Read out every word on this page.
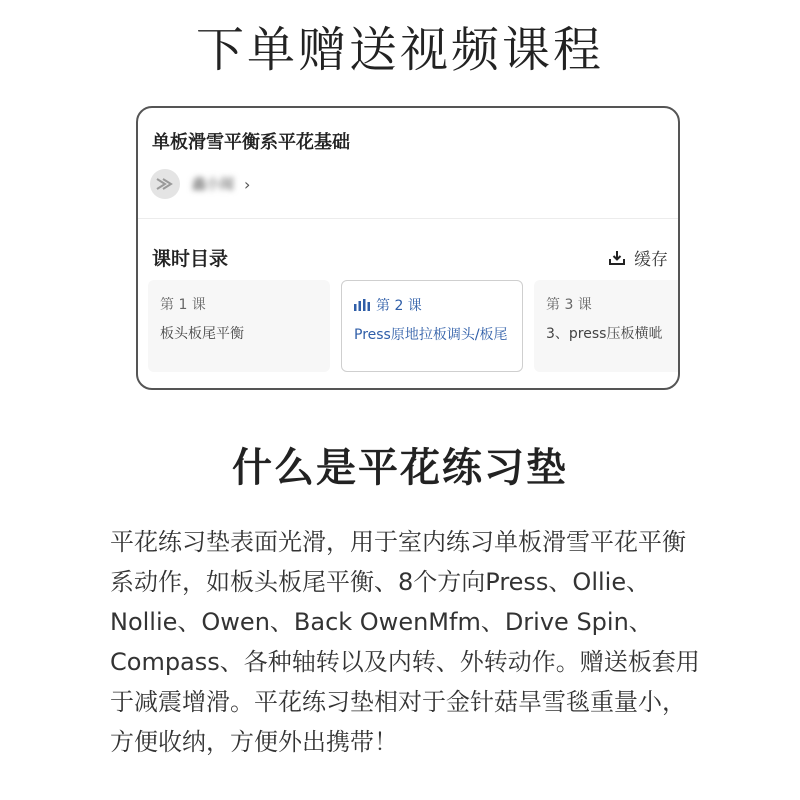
下单赠送视频课程
单板滑雪平衡系平花基础
鑫小闻 ›
课时目录	缓存
第 1 课
板头板尾平衡
第 2 课
Press原地拉板调头/板尾
第 3 课
3、press压板横呲
什么是平花练习垫

平花练习垫表面光滑，用于室内练习单板滑雪平花平衡系动作，如板头板尾平衡、8个方向Press、Ollie、Nollie、Owen、Back OwenMfm、Drive Spin、Compass、各种轴转以及内转、外转动作。赠送板套用于减震增滑。平花练习垫相对于金针菇旱雪毯重量小，方便收纳，方便外出携带！
